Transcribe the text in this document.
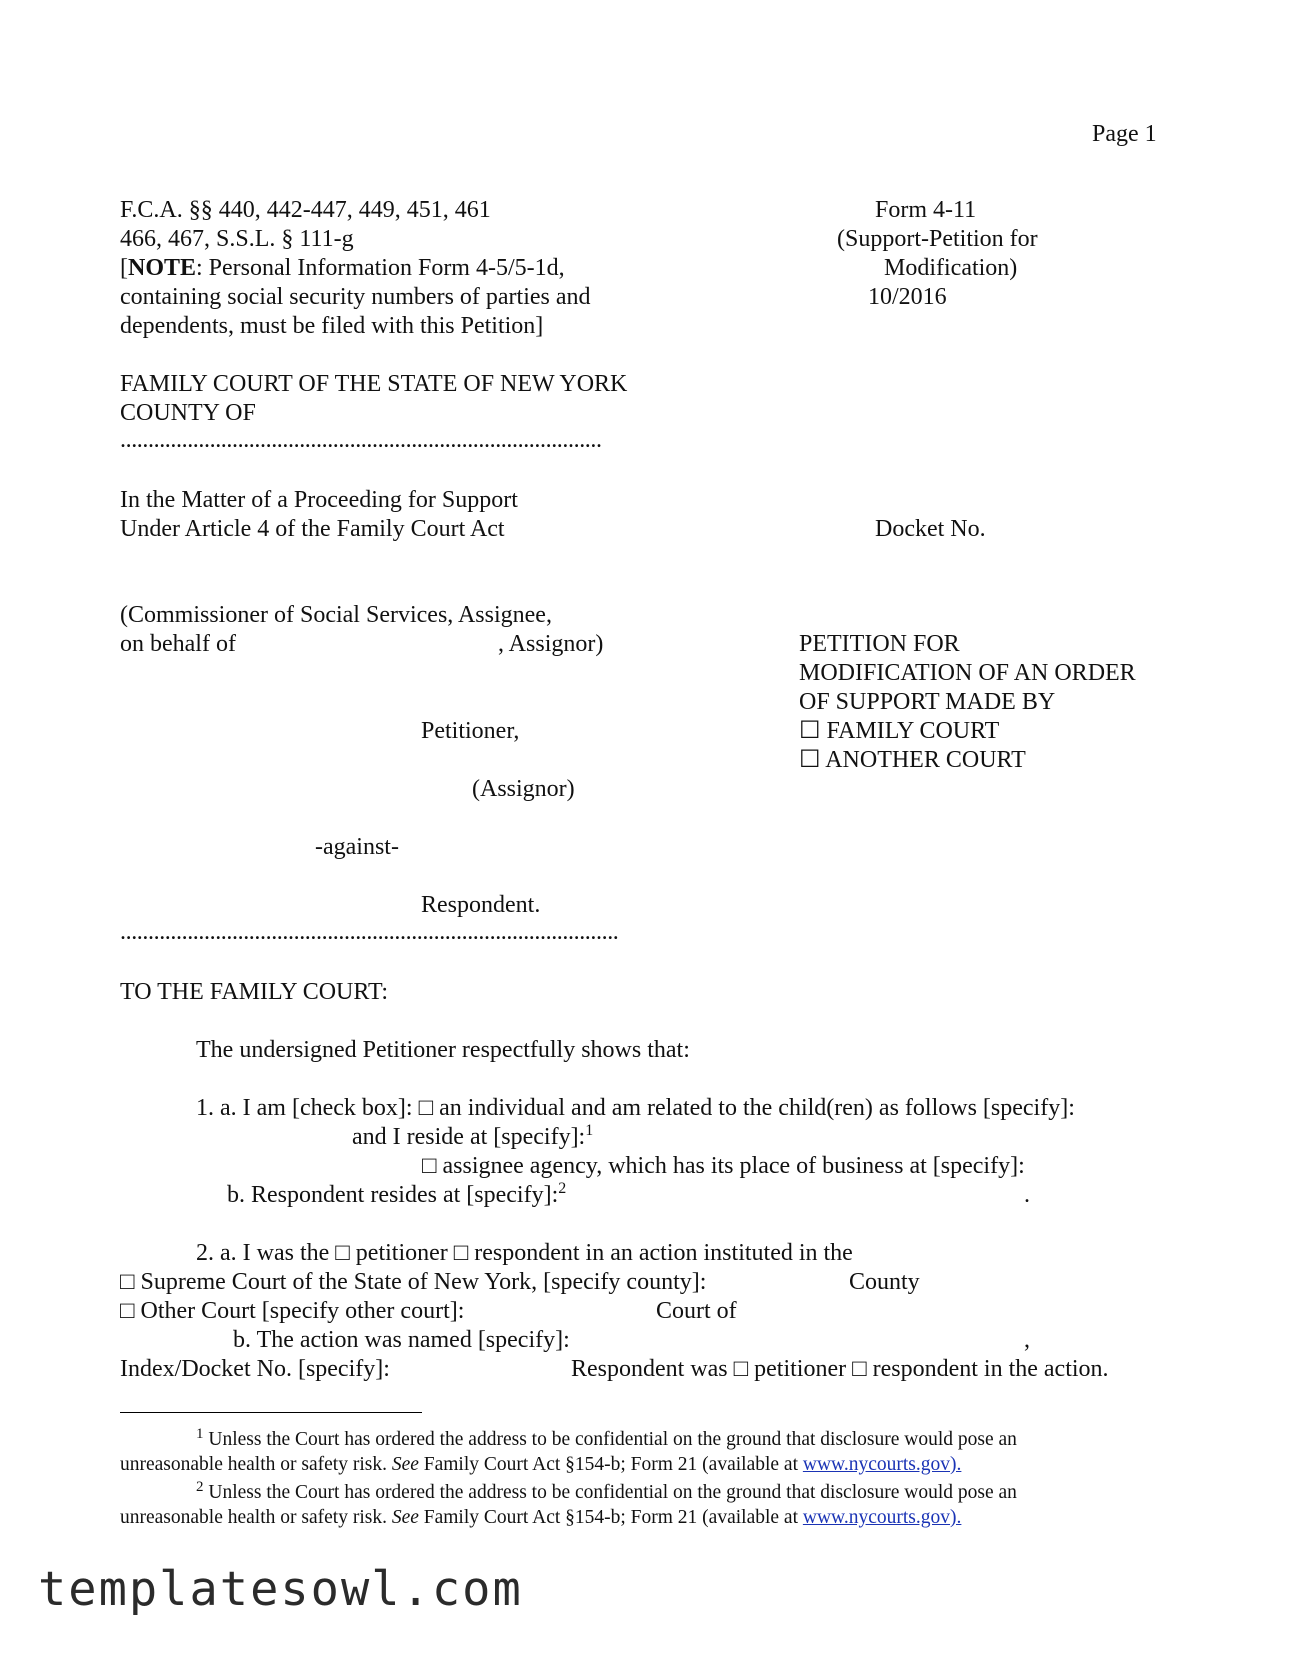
Page 1
F.C.A. §§ 440, 442-447, 449, 451, 461
466, 467, S.S.L. § 111-g
[NOTE: Personal Information Form 4-5/5-1d,
containing social security numbers of parties and
dependents, must be filed with this Petition]
Form 4-11
(Support-Petition for
Modification)
10/2016
FAMILY COURT OF THE STATE OF NEW YORK
COUNTY OF
......................................................................................
In the Matter of a Proceeding for Support
Under Article 4 of the Family Court Act	Docket No.
(Commissioner of Social Services, Assignee,
on behalf of	, Assignor)	PETITION FOR
MODIFICATION OF AN ORDER
OF SUPPORT MADE BY
☐ FAMILY COURT
☐ ANOTHER COURT
Petitioner,
(Assignor)
-against-
Respondent.
.........................................................................................
TO THE FAMILY COURT:
The undersigned Petitioner respectfully shows that:
1. a. I am [check box]: □ an individual and am related to the child(ren) as follows [specify]:
and I reside at [specify]:$^1$
□ assignee agency, which has its place of business at [specify]:
b. Respondent resides at [specify]:$^2$	.
2. a. I was the □ petitioner □ respondent in an action instituted in the
□ Supreme Court of the State of New York, [specify county]:	County
□ Other Court [specify other court]:	Court of
b. The action was named [specify]:	,
Index/Docket No. [specify]:	Respondent was □ petitioner □ respondent in the action.
$^1$ Unless the Court has ordered the address to be confidential on the ground that disclosure would pose an
unreasonable health or safety risk. See Family Court Act §154-b; Form 21 (available at www.nycourts.gov).
$^2$ Unless the Court has ordered the address to be confidential on the ground that disclosure would pose an
unreasonable health or safety risk. See Family Court Act §154-b; Form 21 (available at www.nycourts.gov).
templatesowl.com
